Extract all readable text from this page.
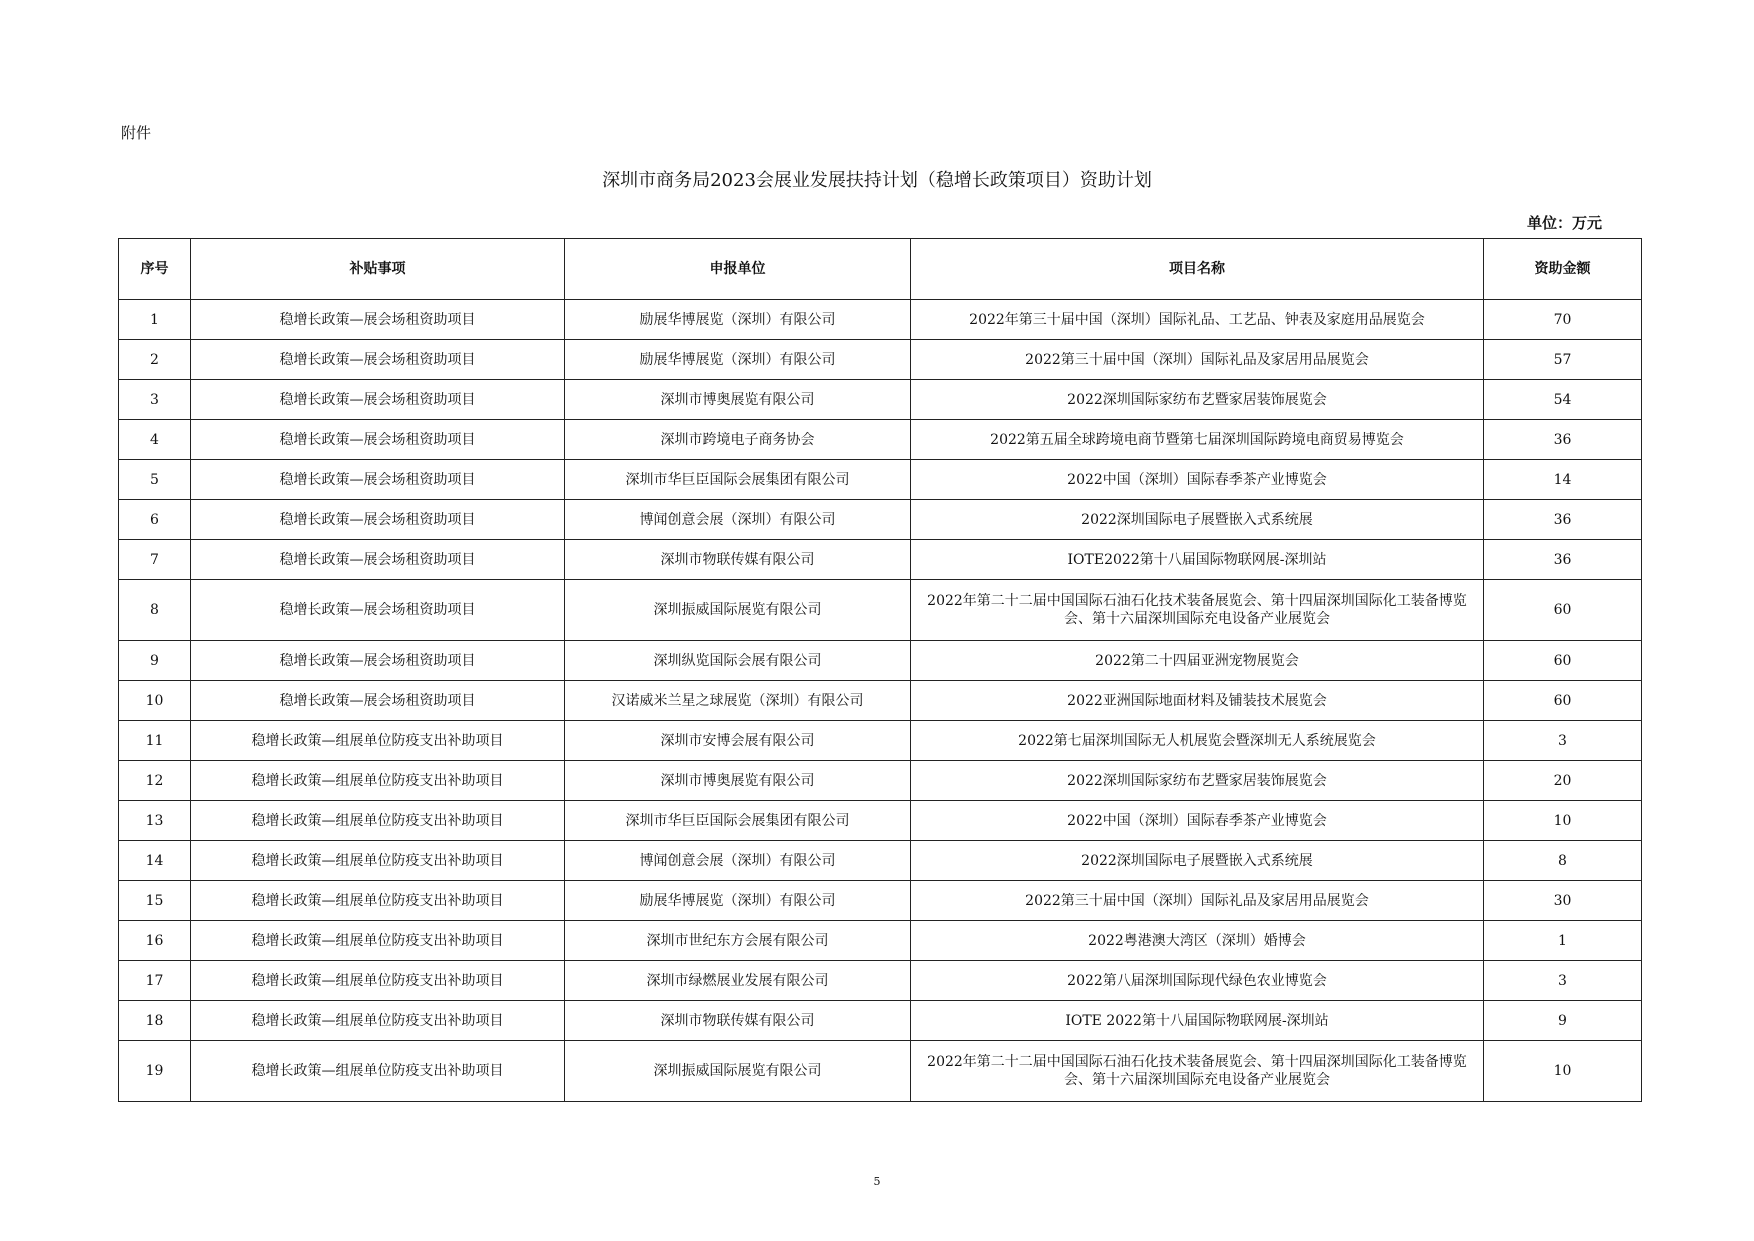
附件
深圳市商务局2023会展业发展扶持计划（稳增长政策项目）资助计划
单位：万元
序号	补贴事项	申报单位	项目名称	资助金额
1	稳增长政策—展会场租资助项目	励展华博展览（深圳）有限公司	2022年第三十届中国（深圳）国际礼品、工艺品、钟表及家庭用品展览会	70
2	稳增长政策—展会场租资助项目	励展华博展览（深圳）有限公司	2022第三十届中国（深圳）国际礼品及家居用品展览会	57
3	稳增长政策—展会场租资助项目	深圳市博奥展览有限公司	2022深圳国际家纺布艺暨家居装饰展览会	54
4	稳增长政策—展会场租资助项目	深圳市跨境电子商务协会	2022第五届全球跨境电商节暨第七届深圳国际跨境电商贸易博览会	36
5	稳增长政策—展会场租资助项目	深圳市华巨臣国际会展集团有限公司	2022中国（深圳）国际春季茶产业博览会	14
6	稳增长政策—展会场租资助项目	博闻创意会展（深圳）有限公司	2022深圳国际电子展暨嵌入式系统展	36
7	稳增长政策—展会场租资助项目	深圳市物联传媒有限公司	IOTE2022第十八届国际物联网展-深圳站	36
8	稳增长政策—展会场租资助项目	深圳振威国际展览有限公司	2022年第二十二届中国国际石油石化技术装备展览会、第十四届深圳国际化工装备博览会、第十六届深圳国际充电设备产业展览会	60
9	稳增长政策—展会场租资助项目	深圳纵览国际会展有限公司	2022第二十四届亚洲宠物展览会	60
10	稳增长政策—展会场租资助项目	汉诺威米兰星之球展览（深圳）有限公司	2022亚洲国际地面材料及铺装技术展览会	60
11	稳增长政策—组展单位防疫支出补助项目	深圳市安博会展有限公司	2022第七届深圳国际无人机展览会暨深圳无人系统展览会	3
12	稳增长政策—组展单位防疫支出补助项目	深圳市博奥展览有限公司	2022深圳国际家纺布艺暨家居装饰展览会	20
13	稳增长政策—组展单位防疫支出补助项目	深圳市华巨臣国际会展集团有限公司	2022中国（深圳）国际春季茶产业博览会	10
14	稳增长政策—组展单位防疫支出补助项目	博闻创意会展（深圳）有限公司	2022深圳国际电子展暨嵌入式系统展	8
15	稳增长政策—组展单位防疫支出补助项目	励展华博展览（深圳）有限公司	2022第三十届中国（深圳）国际礼品及家居用品展览会	30
16	稳增长政策—组展单位防疫支出补助项目	深圳市世纪东方会展有限公司	2022粤港澳大湾区（深圳）婚博会	1
17	稳增长政策—组展单位防疫支出补助项目	深圳市绿燃展业发展有限公司	2022第八届深圳国际现代绿色农业博览会	3
18	稳增长政策—组展单位防疫支出补助项目	深圳市物联传媒有限公司	IOTE 2022第十八届国际物联网展-深圳站	9
19	稳增长政策—组展单位防疫支出补助项目	深圳振威国际展览有限公司	2022年第二十二届中国国际石油石化技术装备展览会、第十四届深圳国际化工装备博览会、第十六届深圳国际充电设备产业展览会	10
5
